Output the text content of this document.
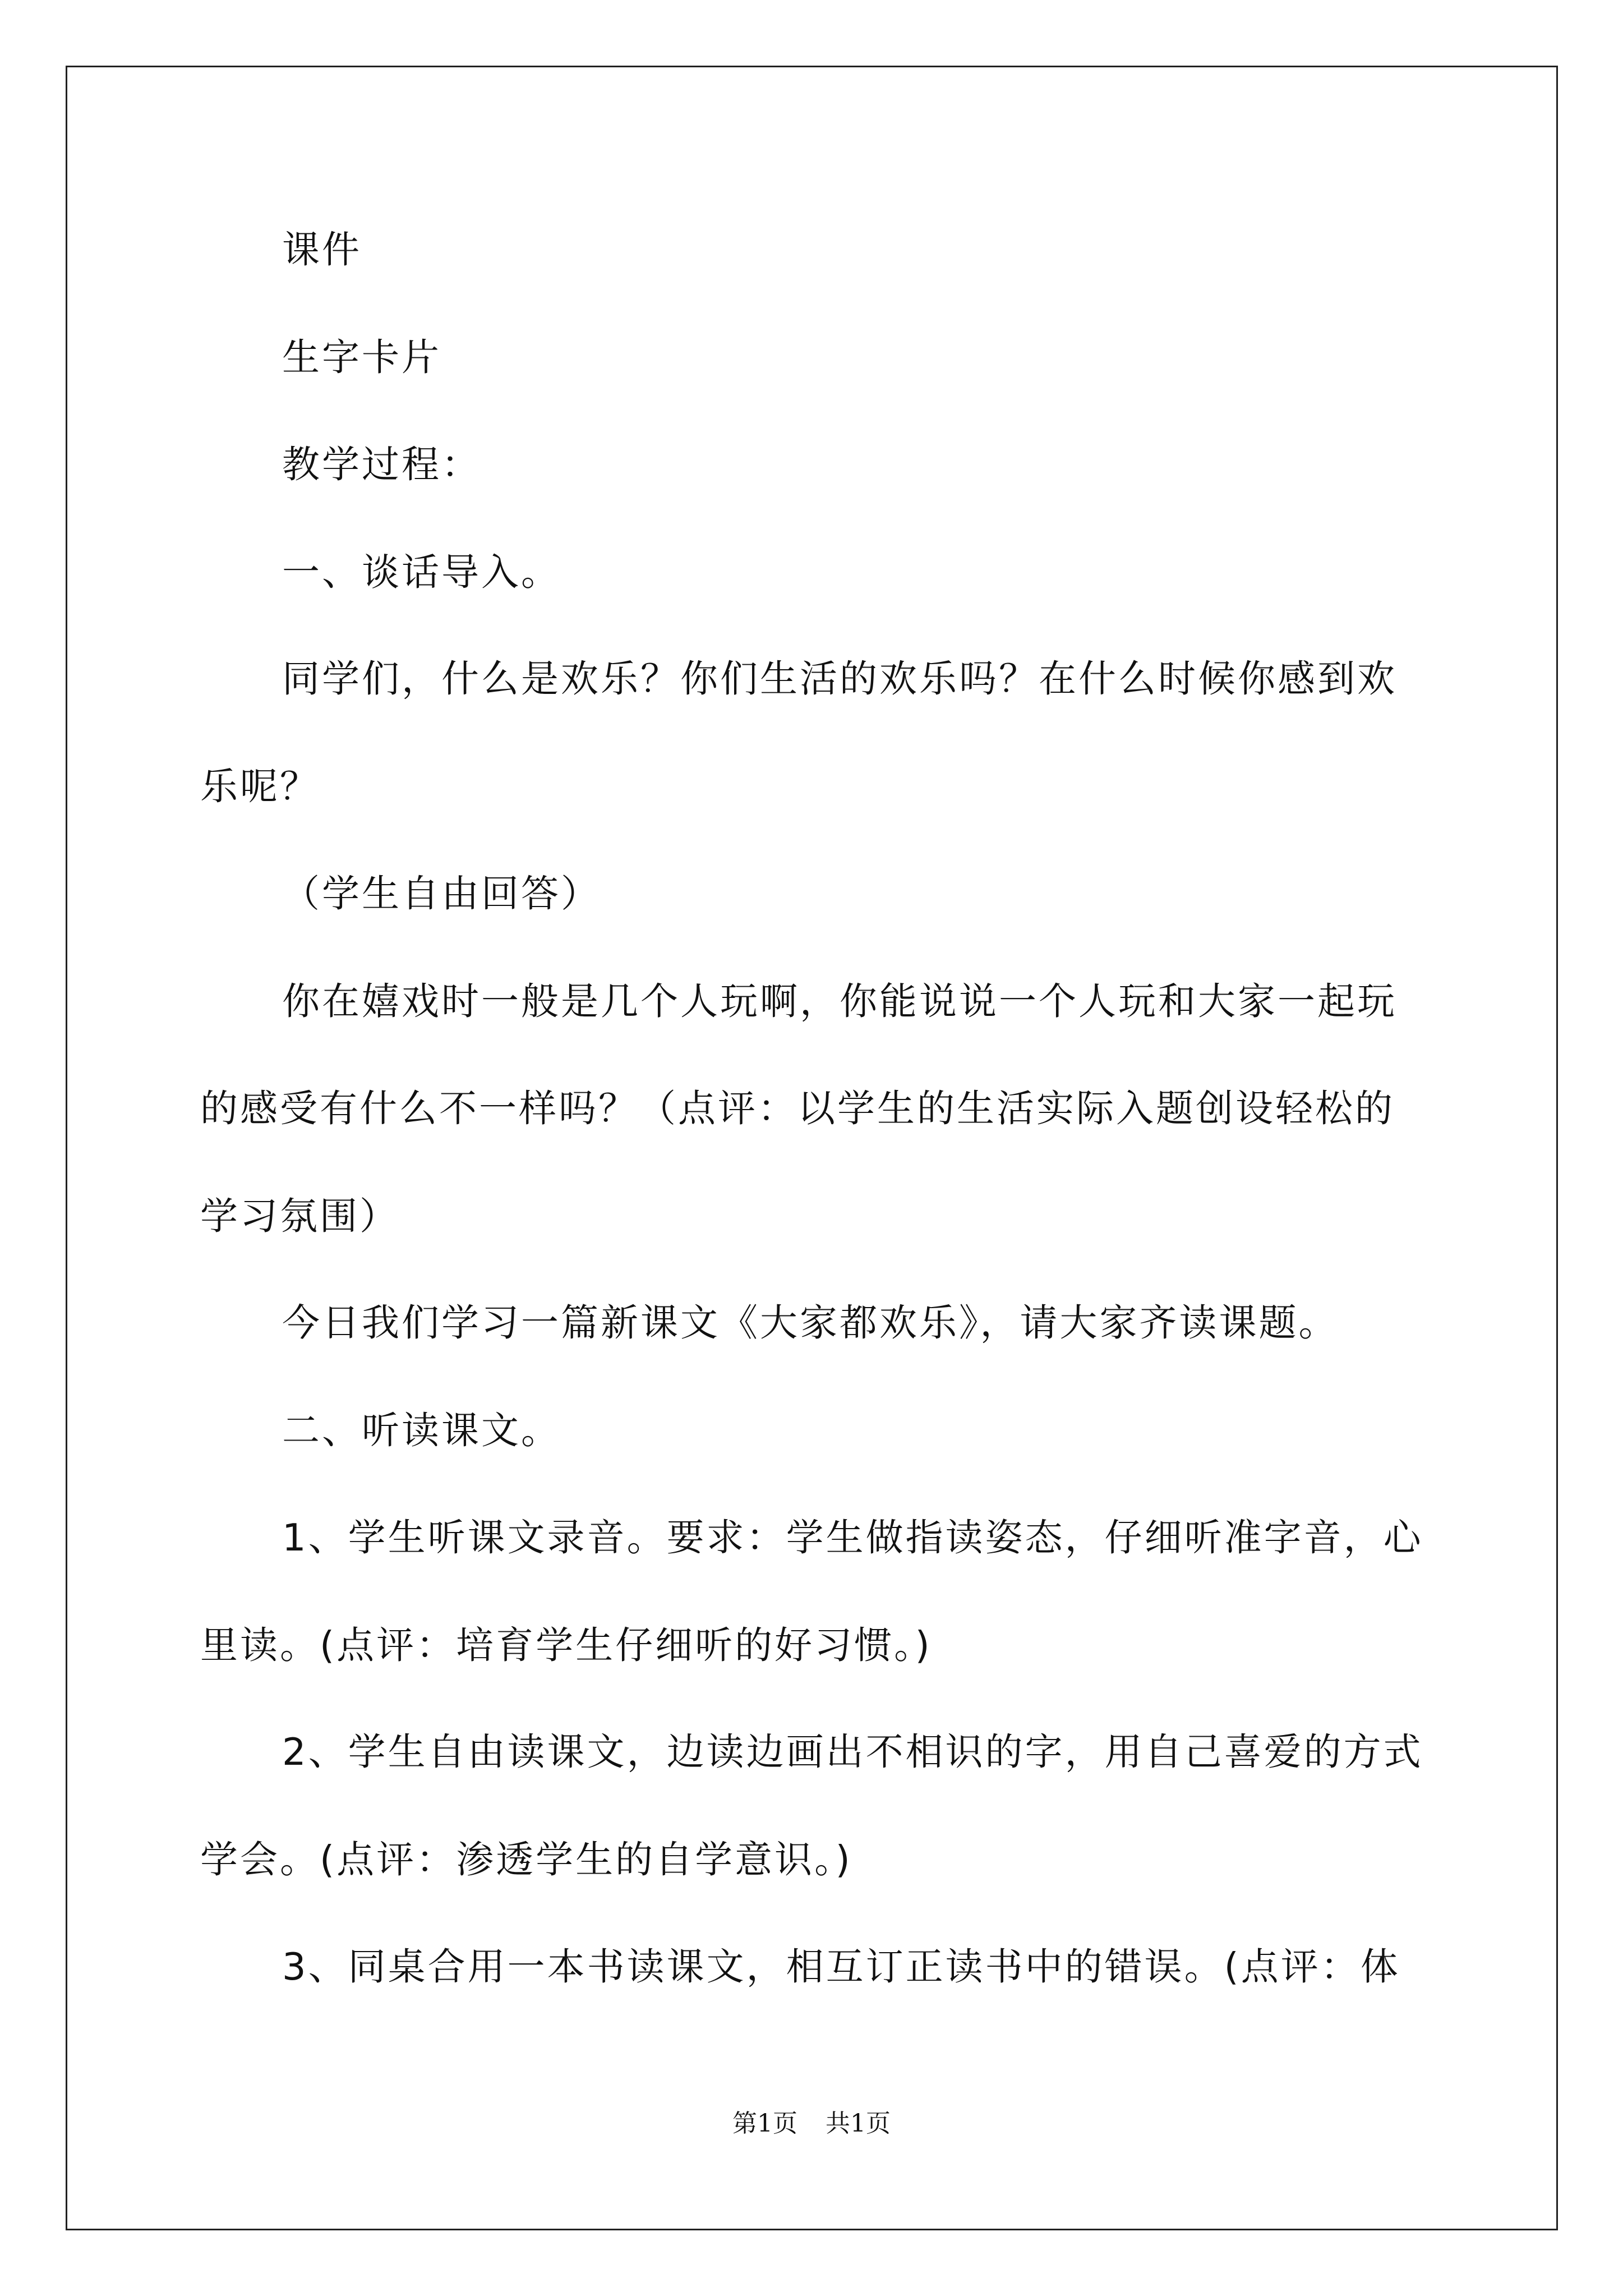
课件
生字卡片
教学过程：
一、谈话导入。
同学们，什么是欢乐？你们生活的欢乐吗？在什么时候你感到欢
乐呢？
（学生自由回答）
你在嬉戏时一般是几个人玩啊，你能说说一个人玩和大家一起玩
的感受有什么不一样吗？（点评：以学生的生活实际入题创设轻松的
学习氛围）
今日我们学习一篇新课文《大家都欢乐》，请大家齐读课题。
二、听读课文。
1、学生听课文录音。要求：学生做指读姿态，仔细听准字音，心
里读。(点评：培育学生仔细听的好习惯。)
2、学生自由读课文，边读边画出不相识的字，用自己喜爱的方式
学会。(点评：渗透学生的自学意识。)
3、同桌合用一本书读课文，相互订正读书中的错误。(点评：体
第1页 共1页
